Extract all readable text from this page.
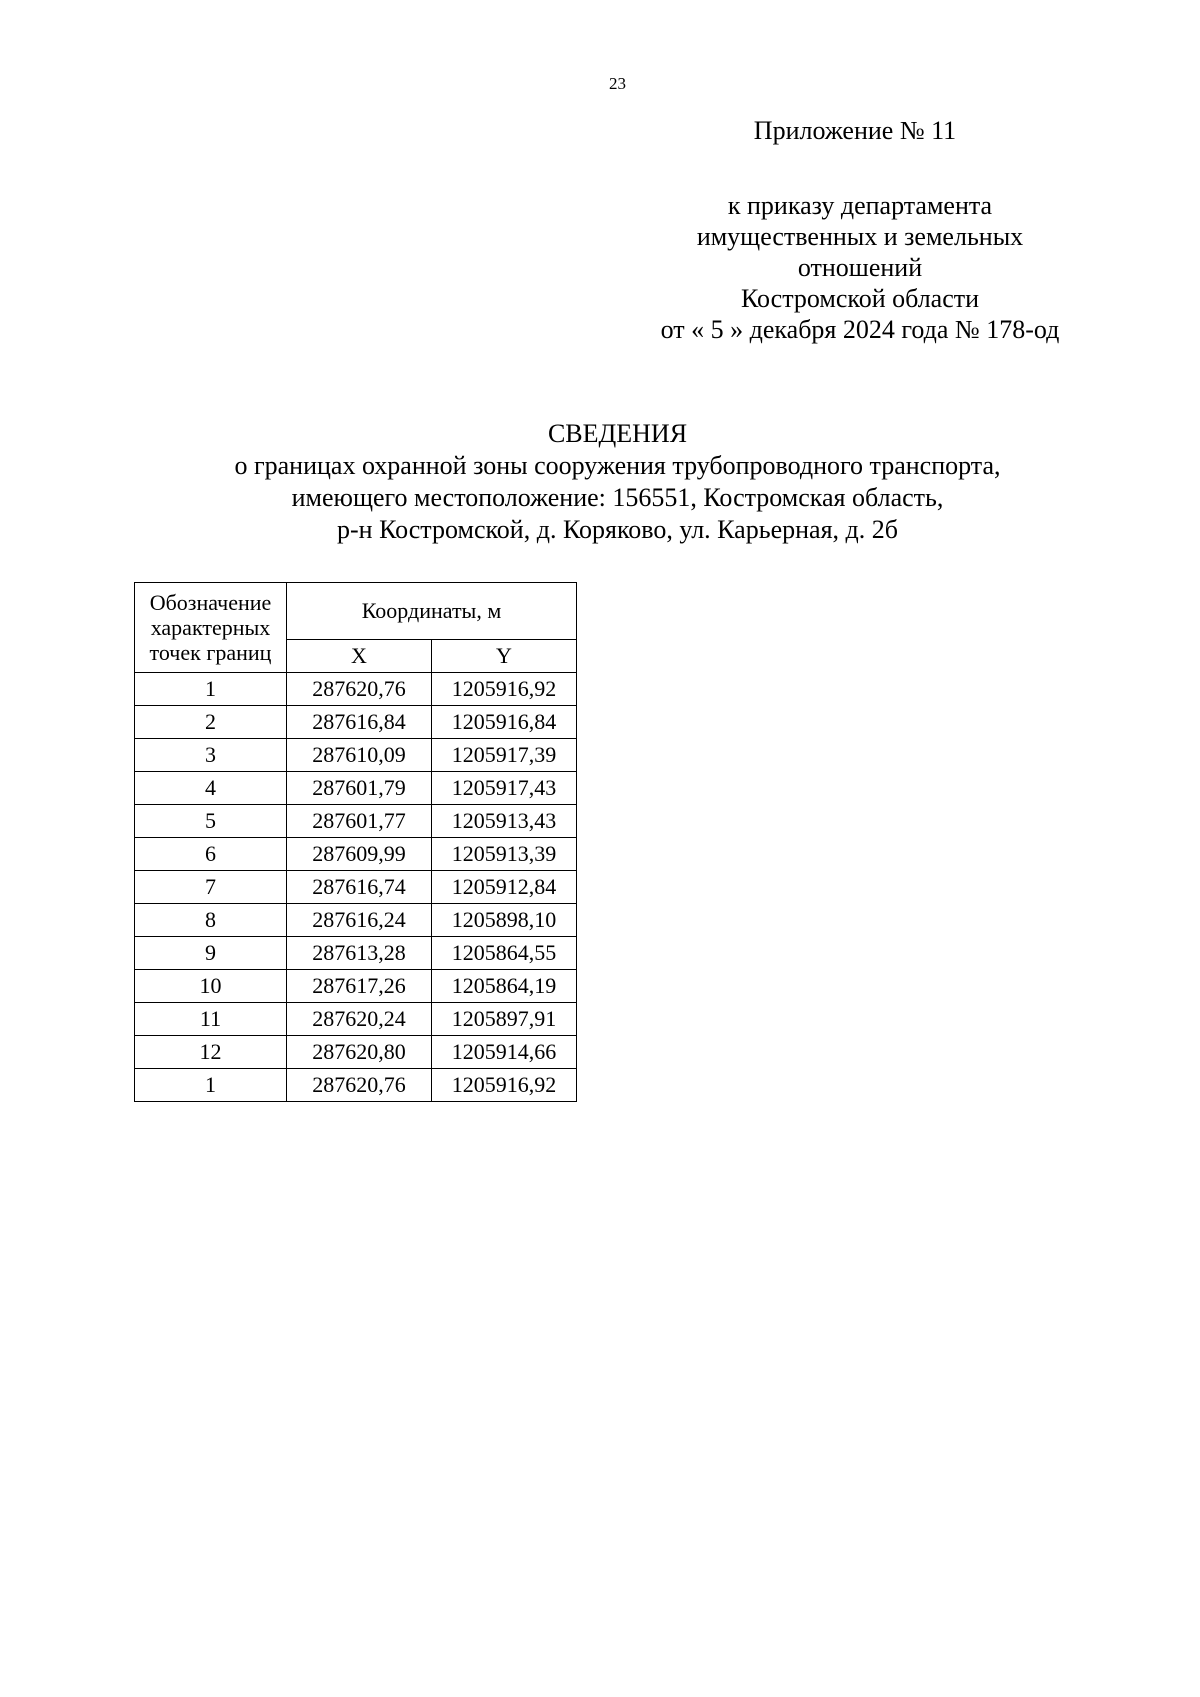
23
Приложение № 11
к приказу департамента
имущественных и земельных
отношений
Костромской области
от « 5 » декабря 2024 года № 178-од
СВЕДЕНИЯ
о границах охранной зоны сооружения трубопроводного транспорта,
имеющего местоположение: 156551, Костромская область,
р-н Костромской, д. Коряково, ул. Карьерная, д. 2б
Обозначение
характерных
точек границ	Координаты, м	
	X	Y
1	287620,76	1205916,92
2	287616,84	1205916,84
3	287610,09	1205917,39
4	287601,79	1205917,43
5	287601,77	1205913,43
6	287609,99	1205913,39
7	287616,74	1205912,84
8	287616,24	1205898,10
9	287613,28	1205864,55
10	287617,26	1205864,19
11	287620,24	1205897,91
12	287620,80	1205914,66
1	287620,76	1205916,92
